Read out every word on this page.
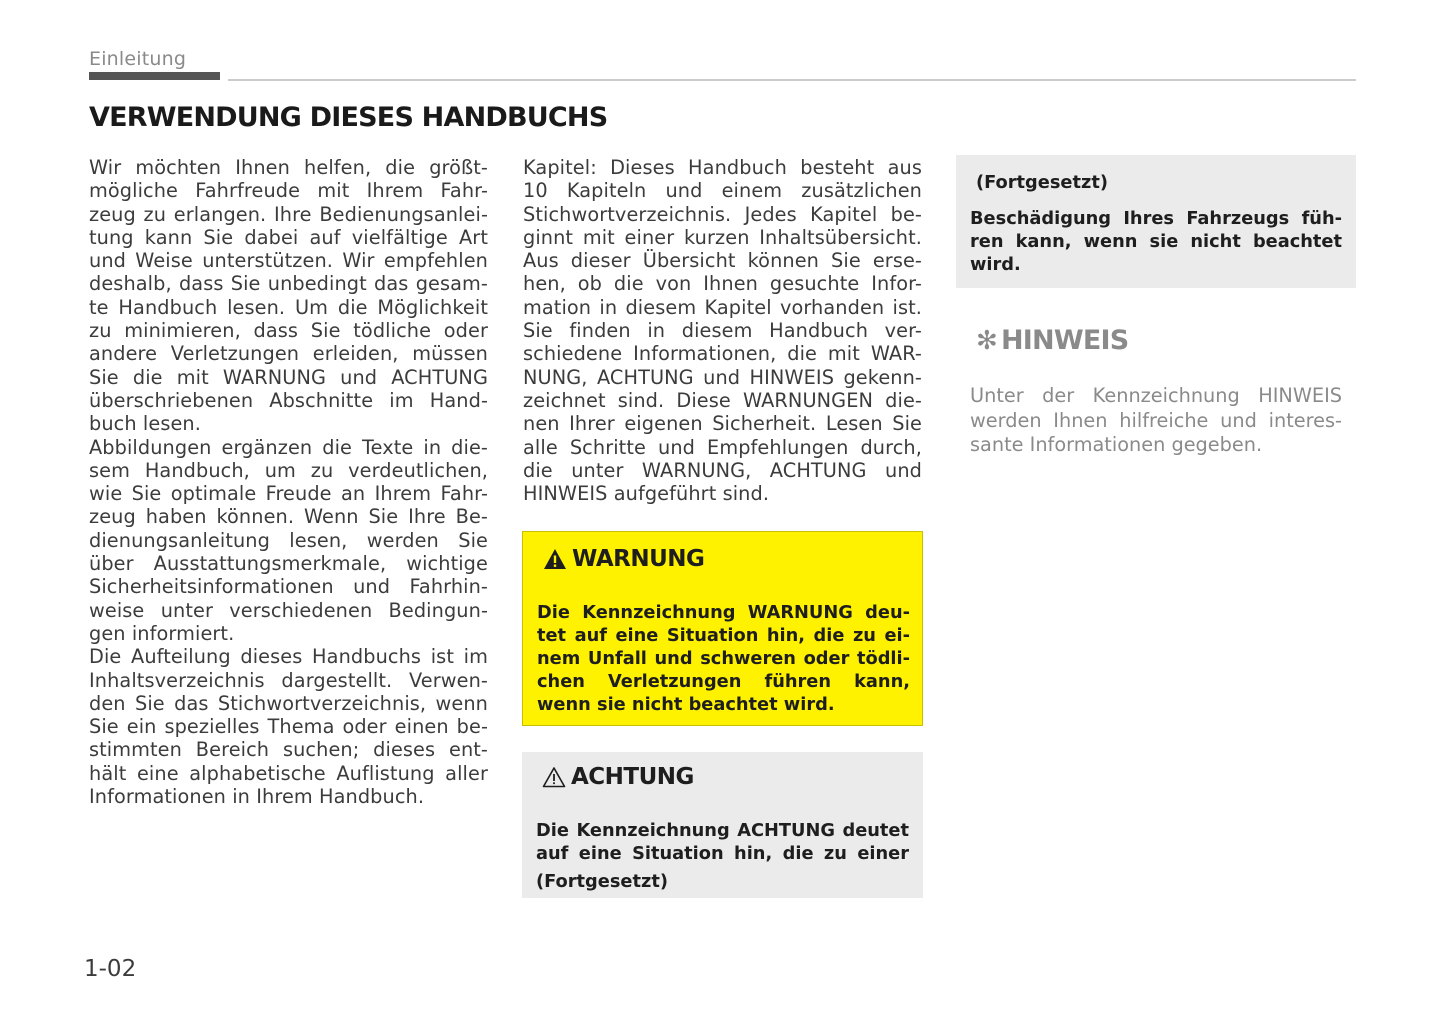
Einleitung
VERWENDUNG DIESES HANDBUCHS
Wir möchten Ihnen helfen, die größt-
mögliche Fahrfreude mit Ihrem Fahr-
zeug zu erlangen. Ihre Bedienungsanlei-
tung kann Sie dabei auf vielfältige Art
und Weise unterstützen. Wir empfehlen
deshalb, dass Sie unbedingt das gesam-
te Handbuch lesen. Um die Möglichkeit
zu minimieren, dass Sie tödliche oder
andere Verletzungen erleiden, müssen
Sie die mit WARNUNG und ACHTUNG
überschriebenen Abschnitte im Hand-
buch lesen.
Abbildungen ergänzen die Texte in die-
sem Handbuch, um zu verdeutlichen,
wie Sie optimale Freude an Ihrem Fahr-
zeug haben können. Wenn Sie Ihre Be-
dienungsanleitung lesen, werden Sie
über Ausstattungsmerkmale, wichtige
Sicherheitsinformationen und Fahrhin-
weise unter verschiedenen Bedingun-
gen informiert.
Die Aufteilung dieses Handbuchs ist im
Inhaltsverzeichnis dargestellt. Verwen-
den Sie das Stichwortverzeichnis, wenn
Sie ein spezielles Thema oder einen be-
stimmten Bereich suchen; dieses ent-
hält eine alphabetische Auflistung aller
Informationen in Ihrem Handbuch.
Kapitel: Dieses Handbuch besteht aus
10 Kapiteln und einem zusätzlichen
Stichwortverzeichnis. Jedes Kapitel be-
ginnt mit einer kurzen Inhaltsübersicht.
Aus dieser Übersicht können Sie erse-
hen, ob die von Ihnen gesuchte Infor-
mation in diesem Kapitel vorhanden ist.
Sie finden in diesem Handbuch ver-
schiedene Informationen, die mit WAR-
NUNG, ACHTUNG und HINWEIS gekenn-
zeichnet sind. Diese WARNUNGEN die-
nen Ihrer eigenen Sicherheit. Lesen Sie
alle Schritte und Empfehlungen durch,
die unter WARNUNG, ACHTUNG und
HINWEIS aufgeführt sind.
WARNUNG
Die Kennzeichnung WARNUNG deu-
tet auf eine Situation hin, die zu ei-
nem Unfall und schweren oder tödli-
chen Verletzungen führen kann,
wenn sie nicht beachtet wird.
ACHTUNG
Die Kennzeichnung ACHTUNG deutet
auf eine Situation hin, die zu einer
(Fortgesetzt)
(Fortgesetzt)
Beschädigung Ihres Fahrzeugs füh-
ren kann, wenn sie nicht beachtet
wird.
✻ HINWEIS
Unter der Kennzeichnung HINWEIS
werden Ihnen hilfreiche und interes-
sante Informationen gegeben.
1-02
